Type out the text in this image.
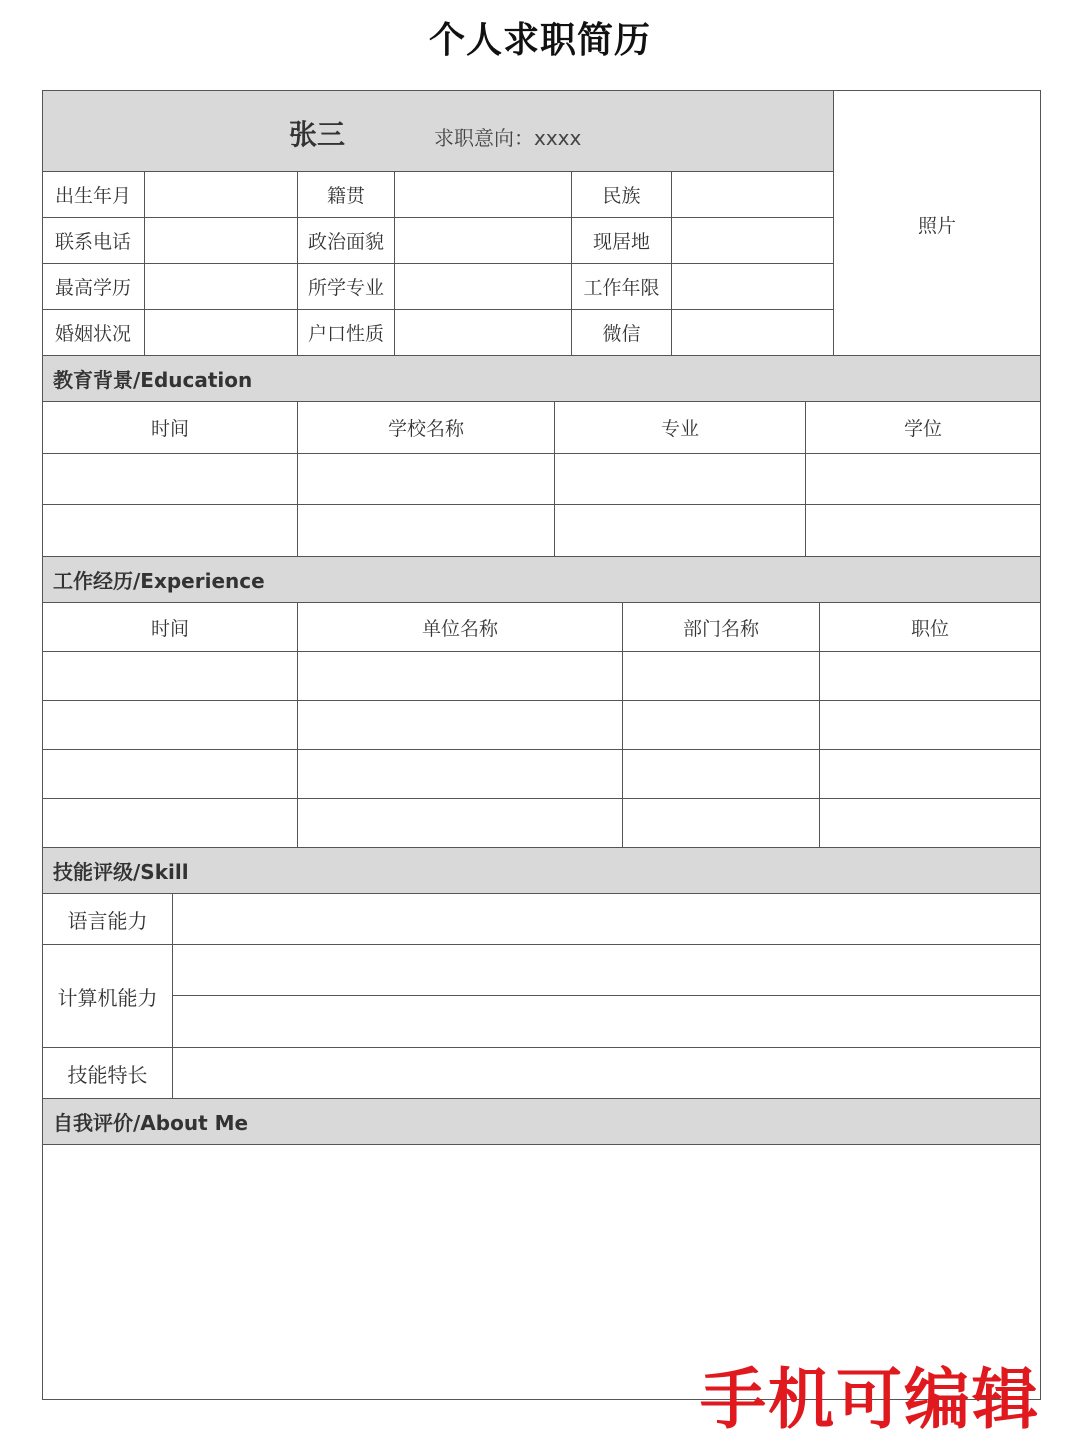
个人求职简历
张三	求职意向：xxxx
照片
出生年月	籍贯	民族
联系电话	政治面貌	现居地
最高学历	所学专业	工作年限
婚姻状况	户口性质	微信
教育背景/Education
时间	学校名称	专业	学位
工作经历/Experience
时间	单位名称	部门名称	职位
技能评级/Skill
语言能力
计算机能力
技能特长
自我评价/About Me
手机可编辑
